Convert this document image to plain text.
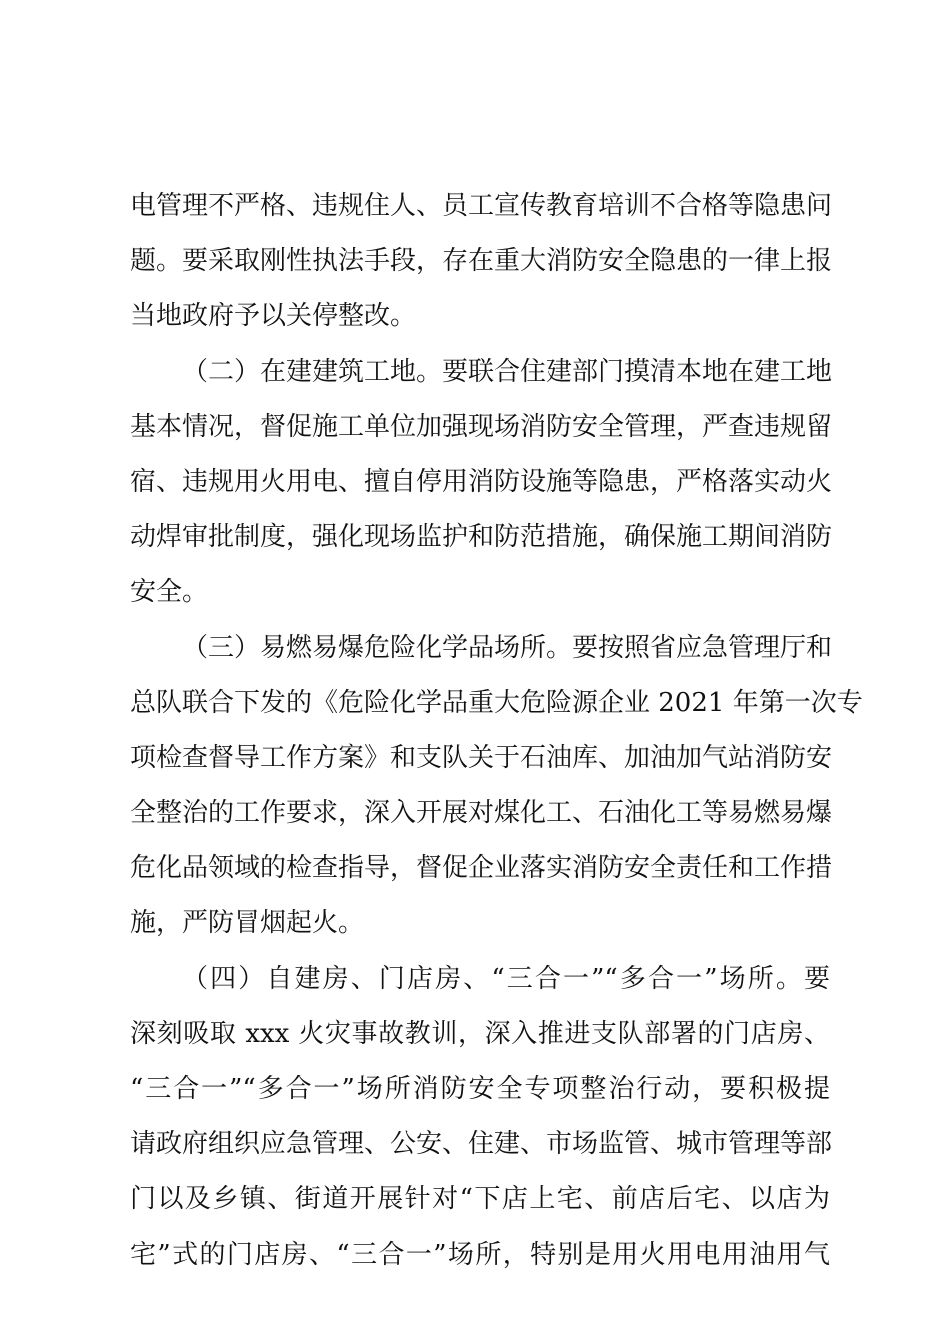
电管理不严格、违规住人、员工宣传教育培训不合格等隐患问
题。要采取刚性执法手段，存在重大消防安全隐患的一律上报
当地政府予以关停整改。
（二）在建建筑工地。要联合住建部门摸清本地在建工地
基本情况，督促施工单位加强现场消防安全管理，严查违规留
宿、违规用火用电、擅自停用消防设施等隐患，严格落实动火
动焊审批制度，强化现场监护和防范措施，确保施工期间消防
安全。
（三）易燃易爆危险化学品场所。要按照省应急管理厅和
总队联合下发的《危险化学品重大危险源企业 2021 年第一次专
项检查督导工作方案》和支队关于石油库、加油加气站消防安
全整治的工作要求，深入开展对煤化工、石油化工等易燃易爆
危化品领域的检查指导，督促企业落实消防安全责任和工作措
施，严防冒烟起火。
（四）自建房、门店房、“三合一”“多合一”场所。要
深刻吸取 xxx 火灾事故教训，深入推进支队部署的门店房、
“三合一”“多合一”场所消防安全专项整治行动，要积极提
请政府组织应急管理、公安、住建、市场监管、城市管理等部
门以及乡镇、街道开展针对“下店上宅、前店后宅、以店为
宅”式的门店房、“三合一”场所，特别是用火用电用油用气
